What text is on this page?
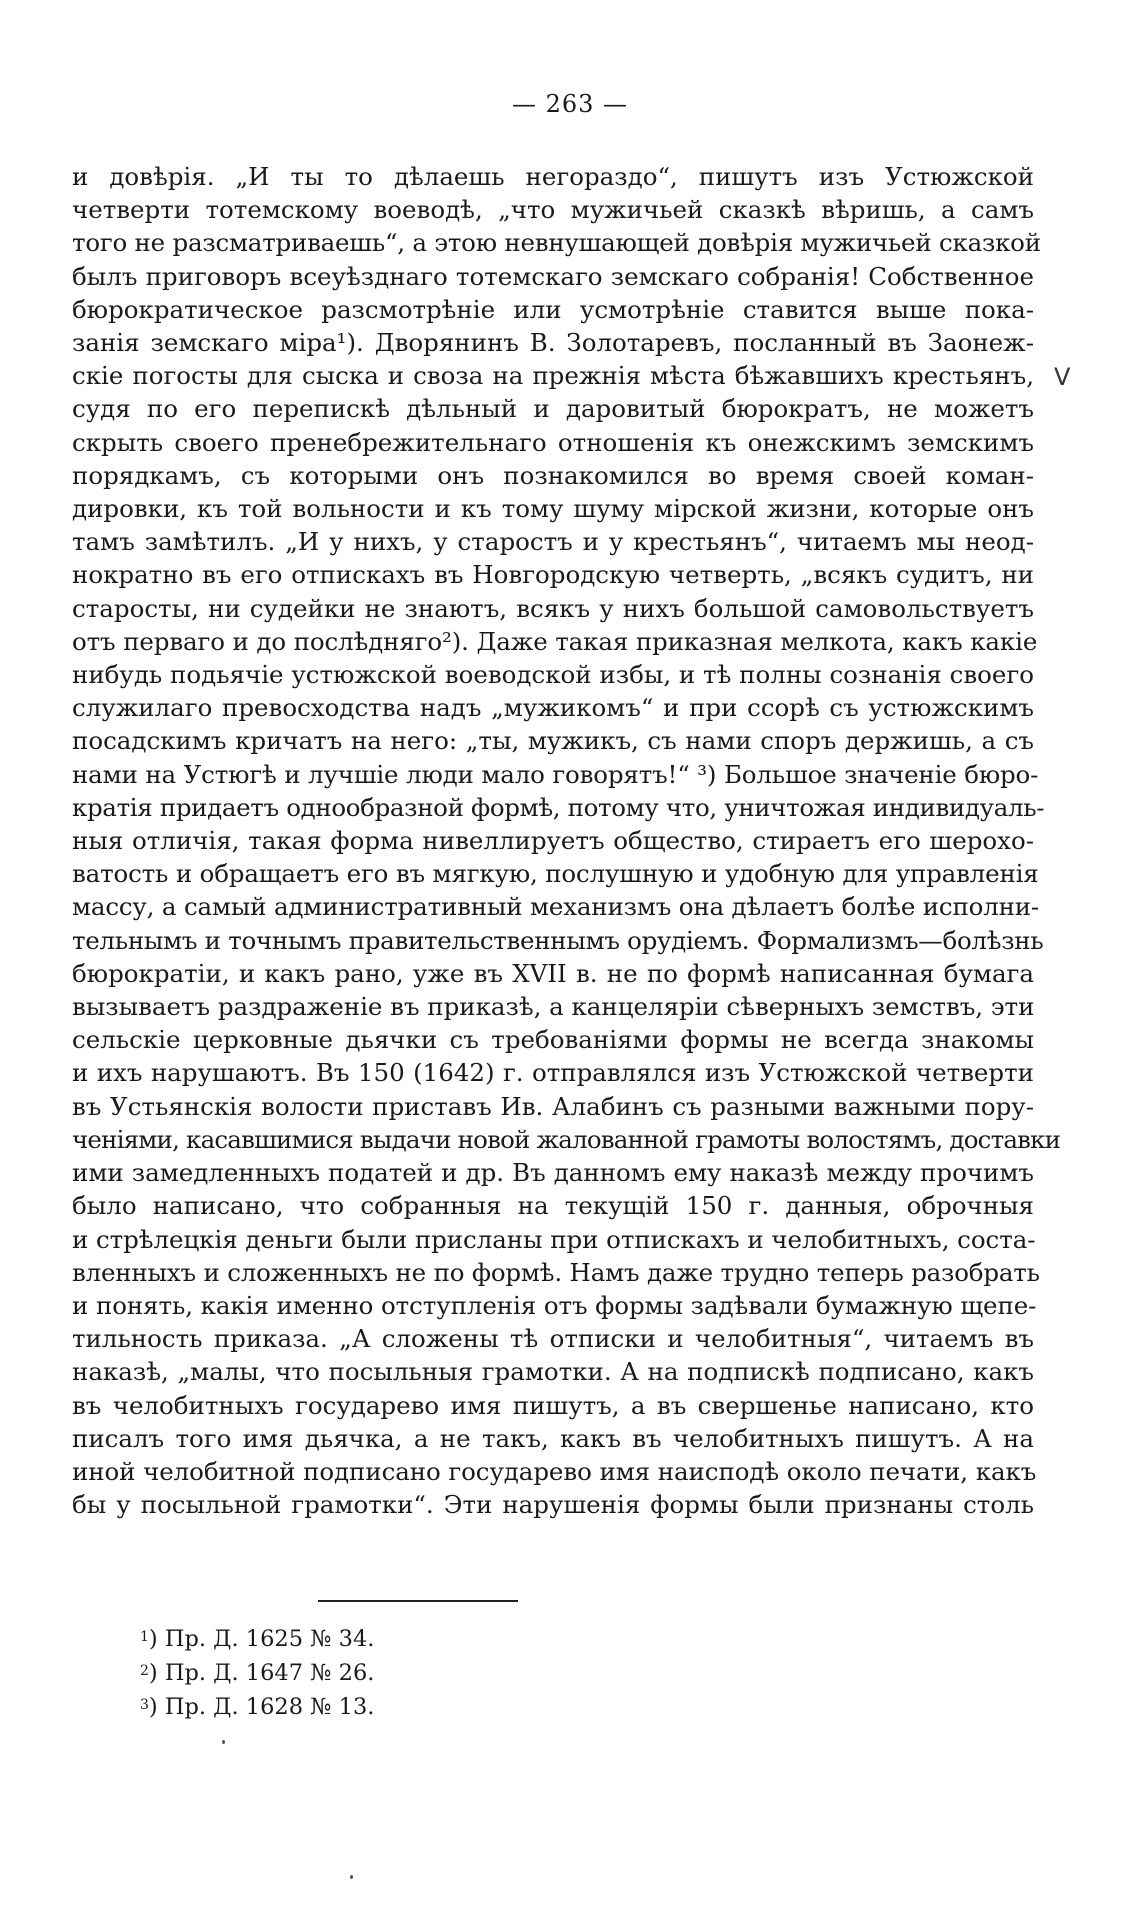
— 263 —
и довѣрія. „И ты то дѣлаешь негораздо“, пишутъ изъ Устюжской
четверти тотемскому воеводѣ, „что мужичьей сказкѣ вѣришь, а самъ
того не разсматриваешь“, а этою невнушающей довѣрія мужичьей сказкой
былъ приговоръ всеуѣзднаго тотемскаго земскаго собранія! Собственное
бюрократическое разсмотрѣніе или усмотрѣніе ставится выше пока-
занія земскаго міра¹). Дворянинъ В. Золотаревъ, посланный въ Заонеж-
скіе погосты для сыска и своза на прежнія мѣста бѣжавшихъ крестьянъ,
судя по его перепискѣ дѣльный и даровитый бюрократъ, не можетъ
скрыть своего пренебрежительнаго отношенія къ онежскимъ земскимъ
порядкамъ, съ которыми онъ познакомился во время своей коман-
дировки, къ той вольности и къ тому шуму мірской жизни, которые онъ
тамъ замѣтилъ. „И у нихъ, у старостъ и у крестьянъ“, читаемъ мы неод-
нократно въ его отпискахъ въ Новгородскую четверть, „всякъ судитъ, ни
старосты, ни судейки не знаютъ, всякъ у нихъ большой самовольствуетъ
отъ перваго и до послѣдняго²). Даже такая приказная мелкота, какъ какіе
нибудь подьячіе устюжской воеводской избы, и тѣ полны сознанія своего
служилаго превосходства надъ „мужикомъ“ и при ссорѣ съ устюжскимъ
посадскимъ кричатъ на него: „ты, мужикъ, съ нами споръ держишь, а съ
нами на Устюгѣ и лучшіе люди мало говорятъ!“ ³) Большое значеніе бюро-
кратія придаетъ однообразной формѣ, потому что, уничтожая индивидуаль-
ныя отличія, такая форма нивеллируетъ общество, стираетъ его шерохо-
ватость и обращаетъ его въ мягкую, послушную и удобную для управленія
массу, а самый административный механизмъ она дѣлаетъ болѣе исполни-
тельнымъ и точнымъ правительственнымъ орудіемъ. Формализмъ—болѣзнь
бюрократіи, и какъ рано, уже въ XVII в. не по формѣ написанная бумага
вызываетъ раздраженіе въ приказѣ, а канцеляріи сѣверныхъ земствъ, эти
сельскіе церковные дьячки съ требованіями формы не всегда знакомы
и ихъ нарушаютъ. Въ 150 (1642) г. отправлялся изъ Устюжской четверти
въ Устьянскія волости приставъ Ив. Алабинъ съ разными важными пору-
ченіями, касавшимися выдачи новой жалованной грамоты волостямъ, доставки
ими замедленныхъ податей и др. Въ данномъ ему наказѣ между прочимъ
было написано, что собранныя на текущій 150 г. данныя, оброчныя
и стрѣлецкія деньги были присланы при отпискахъ и челобитныхъ, соста-
вленныхъ и сложенныхъ не по формѣ. Намъ даже трудно теперь разобрать
и понять, какія именно отступленія отъ формы задѣвали бумажную щепе-
тильность приказа. „А сложены тѣ отписки и челобитныя“, читаемъ въ
наказѣ, „малы, что посыльныя грамотки. А на подпискѣ подписано, какъ
въ челобитныхъ государево имя пишутъ, а въ свершенье написано, кто
писалъ того имя дьячка, а не такъ, какъ въ челобитныхъ пишутъ. А на
иной челобитной подписано государево имя наисподѣ около печати, какъ
бы у посыльной грамотки“. Эти нарушенія формы были признаны столь
V
$^1$) Пр. Д. 1625 № 34.
$^2$) Пр. Д. 1647 № 26.
$^3$) Пр. Д. 1628 № 13.
